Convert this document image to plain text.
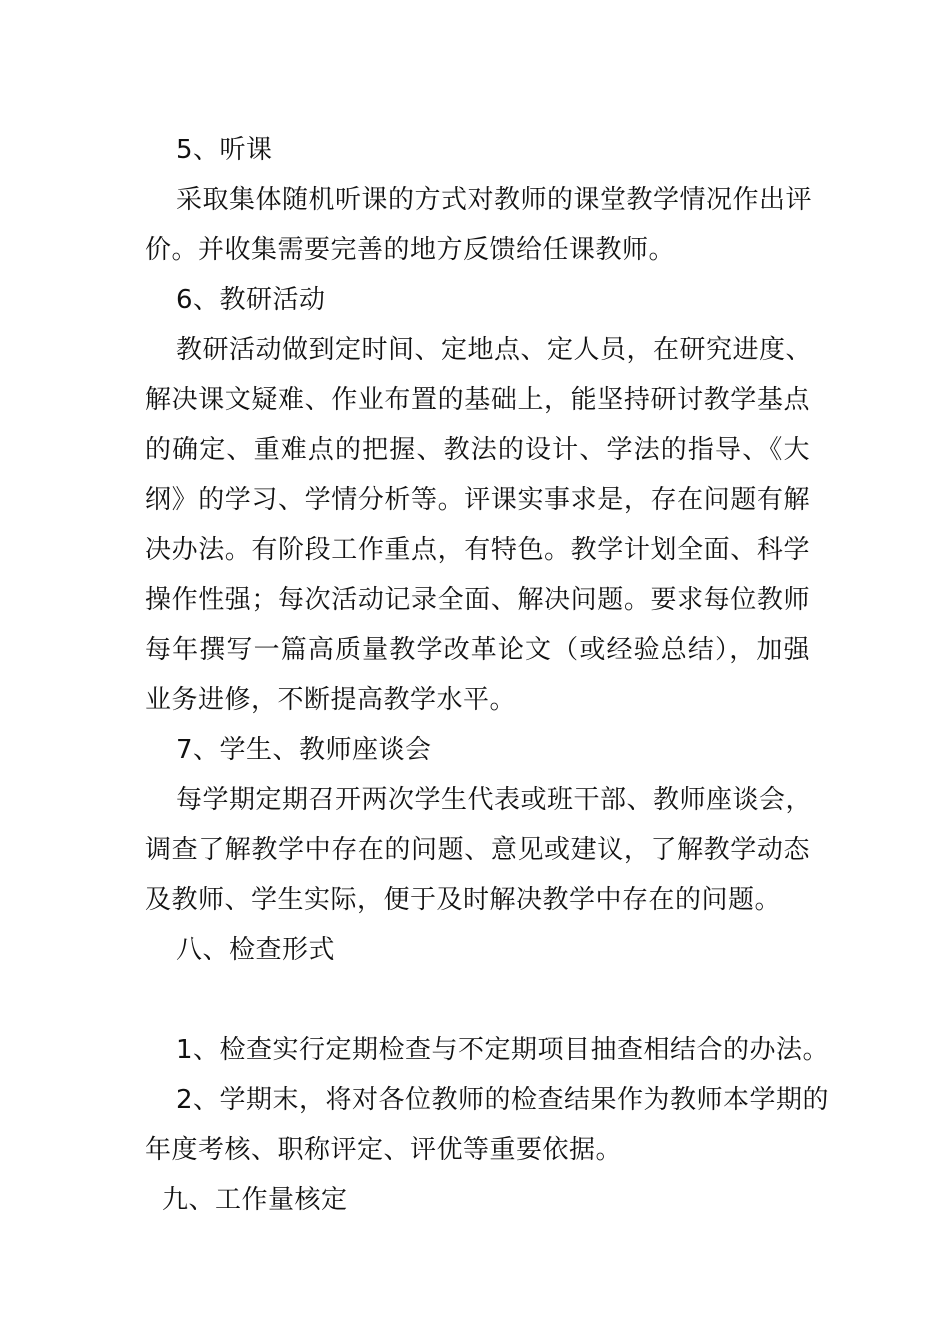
5、听课
采取集体随机听课的方式对教师的课堂教学情况作出评
价。并收集需要完善的地方反馈给任课教师。
6、教研活动
教研活动做到定时间、定地点、定人员，在研究进度、
解决课文疑难、作业布置的基础上，能坚持研讨教学基点
的确定、重难点的把握、教法的设计、学法的指导、《大
纲》的学习、学情分析等。评课实事求是，存在问题有解
决办法。有阶段工作重点，有特色。教学计划全面、科学
操作性强；每次活动记录全面、解决问题。要求每位教师
每年撰写一篇高质量教学改革论文（或经验总结），加强
业务进修，不断提高教学水平。
7、学生、教师座谈会
每学期定期召开两次学生代表或班干部、教师座谈会，
调查了解教学中存在的问题、意见或建议，了解教学动态
及教师、学生实际，便于及时解决教学中存在的问题。
八、检查形式
1、检查实行定期检查与不定期项目抽查相结合的办法。
2、学期末，将对各位教师的检查结果作为教师本学期的
年度考核、职称评定、评优等重要依据。
九、工作量核定
